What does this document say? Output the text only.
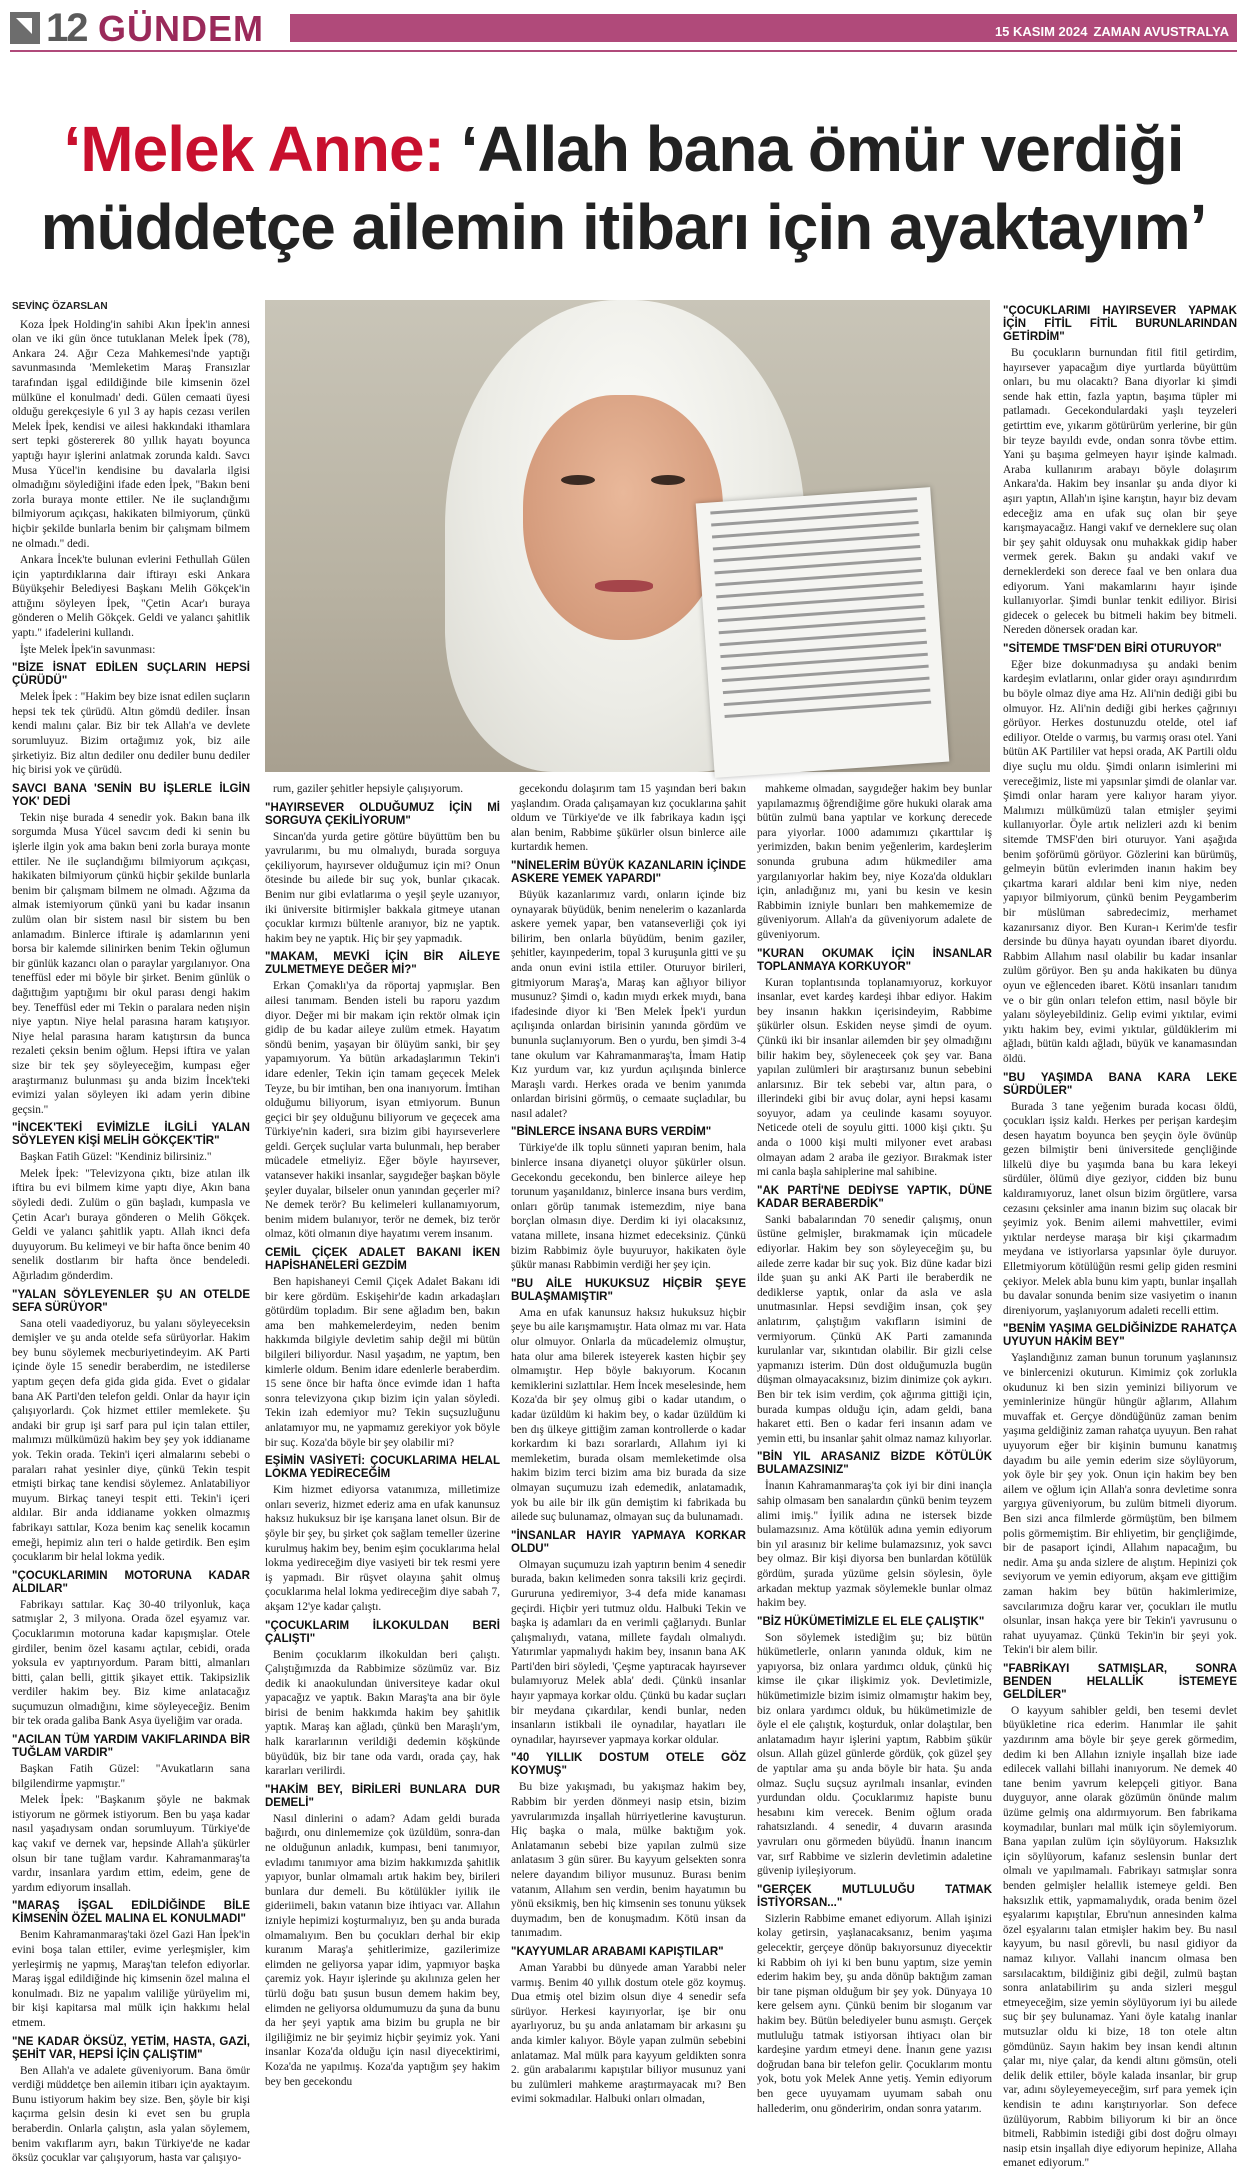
12 GÜNDEM	15 KASIM 2024 ZAMAN AVUSTRALYA
‘Melek Anne: ‘Allah bana ömür verdiği
müddetçe ailemin itibarı için ayaktayım’
SEVİNÇ ÖZARSLAN

Koza İpek Holding'in sahibi Akın İpek'in annesi olan ve iki gün önce tutuklanan Melek İpek (78), Ankara 24. Ağır Ceza Mahkemesi'nde yaptığı savunmasında 'Memleketim Maraş Fransızlar tarafından işgal edildiğinde bile kimsenin özel mülküne el konulmadı' dedi. Gülen cemaati üyesi olduğu gerekçesiyle 6 yıl 3 ay hapis cezası verilen Melek İpek, kendisi ve ailesi hakkındaki ithamlara sert tepki göstererek 80 yıllık hayatı boyunca yaptığı hayır işlerini anlatmak zorunda kaldı. Savcı Musa Yücel'in kendisine bu davalarla ilgisi olmadığını söylediğini ifade eden İpek, "Bakın beni zorla buraya monte ettiler. Ne ile suçlandığımı bilmiyorum açıkçası, hakikaten bilmiyorum, çünkü hiçbir şekilde bunlarla benim bir çalışmam bilmem ne olmadı." dedi.

Ankara İncek'te bulunan evlerini Fethullah Gülen için yaptırdıklarına dair iftirayı eski Ankara Büyükşehir Belediyesi Başkanı Melih Gökçek'in attığını söyleyen İpek, "Çetin Acar'ı buraya gönderen o Melih Gökçek. Geldi ve yalancı şahitlik yaptı." ifadelerini kullandı.

İşte Melek İpek'in savunması:

"BİZE İSNAT EDİLEN SUÇLARIN HEPSİ ÇÜRÜDÜ"

Melek İpek : "Hakim bey bize isnat edilen suçların hepsi tek tek çürüdü. Altın gömdü dediler. İnsan kendi malını çalar. Biz bir tek Allah'a ve devlete sorumluyuz. Bizim ortağımız yok, biz aile şirketiyiz. Biz altın dediler onu dediler bunu dediler hiç birisi yok ve çürüdü.

SAVCI BANA 'SENİN BU İŞLERLE İLGİN YOK' DEDİ

Tekin nişe burada 4 senedir yok. Bakın bana ilk sorgumda Musa Yücel savcım dedi ki senin bu işlerle ilgin yok ama bakın beni zorla buraya monte ettiler. Ne ile suçlandığımı bilmiyorum açıkçası, hakikaten bilmiyorum çünkü hiçbir şekilde bunlarla benim bir çalışmam bilmem ne olmadı. Ağzıma da almak istemiyorum çünkü yani bu kadar insanın zulüm olan bir sistem nasıl bir sistem bu ben anlamadım. Binlerce iftirale iş adamlarının yeni borsa bir kalemde silinirken benim Tekin oğlumun bir günlük kazancı olan o paraylar yargılanıyor. Ona teneffüsl eder mi böyle bir şirket. Benim günlük o dağıttığım yaptığımı bir okul parası dengi hakim bey. Teneffüsl eder mi Tekin o paralara neden nişin niye yaptın. Niye helal parasına haram katışıyor. Niye helal parasına haram katıştırsın da bunca rezaleti çeksin benim oğlum. Hepsi iftira ve yalan size bir tek şey söyleyeceğim, kumpası eğer araştırmanız bulunması şu anda bizim İncek'teki evimizi yalan söyleyen iki adam yerin dibine geçsin."

"İNCEK'TEKİ EVİMİZLE İLGİLİ YALAN SÖYLEYEN KİŞİ MELİH GÖKÇEK'TİR"

Başkan Fatih Güzel: "Kendiniz bilirsiniz."

Melek İpek: "Televizyona çıktı, bize atılan ilk iftira bu evi bilmem kime yaptı diye, Akın bana söyledi dedi. Zulüm o gün başladı, kumpasla ve Çetin Acar'ı buraya gönderen o Melih Gökçek. Geldi ve yalancı şahitlik yaptı. Allah iknci defa duyuyorum. Bu kelimeyi ve bir hafta önce benim 40 senelik dostlarım bir hafta önce bendeledi. Ağırladım gönderdim.

"YALAN SÖYLEYENLER ŞU AN OTELDE SEFA SÜRÜYOR"

Sana oteli vaadediyoruz, bu yalanı söyleyeceksin demişler ve şu anda otelde sefa sürüyorlar. Hakim bey bunu söylemek mecburiyetindeyim. AK Parti içinde öyle 15 senedir beraberdim, ne istedilerse yaptım geçen defa gida gida gida. Evet o gidalar bana AK Parti'den telefon geldi. Onlar da hayır için çalışıyorlardı. Çok hizmet ettiler memlekete. Şu andaki bir grup işi sarf para pul için talan ettiler, malımızı mülkümüzü hakim bey şey yok iddianame yok. Tekin orada. Tekin'i içeri almalarını sebebi o paraları rahat yesinler diye, çünkü Tekin tespit etmişti birkaç tane kendisi söylemez. Anlatabiliyor muyum. Birkaç taneyi tespit etti. Tekin'i içeri aldılar. Bir anda iddianame yokken olmazmış fabrikayı sattılar, Koza benim kaç senelik kocamın emeği, hepimiz alın teri o halde getirdik. Ben eşim çocuklarım bir helal lokma yedik.

"ÇOCUKLARIMIN MOTORUNA KADAR ALDILAR"

Fabrikayı sattılar. Kaç 30-40 trilyonluk, kaça satmışlar 2, 3 milyona. Orada özel eşyamız var. Çocuklarımın motoruna kadar kapışmışlar. Otele girdiler, benim özel kasamı açtılar, cebidi, orada yoksula ev yaptırıyordum. Param bitti, almanları bitti, çalan belli, gittik şikayet ettik. Takipsizlik verdiler hakim bey. Biz kime anlatacağız suçumuzun olmadığını, kime söyleyeceğiz. Benim bir tek orada galiba Bank Asya üyeliğim var orada.

"ACILAN TÜM YARDIM VAKIFLARINDA BİR TUĞLAM VARDIR"

Başkan Fatih Güzel: "Avukatların sana bilgilendirme yapmıştır."

Melek İpek: "Başkanım şöyle ne bakmak istiyorum ne görmek istiyorum. Ben bu yaşa kadar nasıl yaşadıysam ondan sorumluyum. Türkiye'de kaç vakıf ve dernek var, hepsinde Allah'a şükürler olsun bir tane tuğlam vardır. Kahramanmaraş'ta vardır, insanlara yardım ettim, edeim, gene de yardım ediyorum insallah.

"MARAŞ İŞGAL EDİLDİĞİNDE BİLE KİMSENİN ÖZEL MALINA EL KONULMADI"

Benim Kahramanmaraş'taki özel Gazi Han İpek'in evini boşa talan ettiler, evime yerleşmişler, kim yerleşirmiş ne yapmış, Maraş'tan telefon ediyorlar. Maraş işgal edildiğinde hiç kimsenin özel malına el konulmadı. Biz ne yapalım valiliğe yürüyelim mi, bir kişi kapitarsa mal mülk için hakkımı helal etmem.

"NE KADAR ÖKSÜZ, YETİM, HASTA, GAZİ, ŞEHİT VAR, HEPSİ İÇİN ÇALIŞTIM"

Ben Allah'a ve adalete güveniyorum. Bana ömür verdiği müddetçe ben ailemin itibarı için ayaktayım. Bunu istiyorum hakim bey size. Ben, şöyle bir kişi kaçırma gelsin desin ki evet sen bu grupla beraberdin. Onlarla çalıştın, asla yalan söylemem, benim vakıflarım ayrı, bakın Türkiye'de ne kadar öksüz çocuklar var çalışıyorum, hasta var çalışıyo-

rum, gaziler şehitler hepsiyle çalışıyorum.

"HAYIRSEVER OLDUĞUMUZ İÇİN Mİ SORGUYA ÇEKİLİYORUM"

Sincan'da yurda getire götüre büyüttüm ben bu yavrularımı, bu mu olmalıydı, burada sorguya çekiliyorum, hayırsever olduğumuz için mi? Onun ötesinde bu ailede bir suç yok, bunlar çıkacak. Benim nur gibi evlatlarıma o yeşil şeyle uzanıyor, iki üniversite bitirmişler bakkala gitmeye utanan çocuklar kırmızı bültenle aranıyor, biz ne yaptık. hakim bey ne yaptık. Hiç bir şey yapmadık.

"MAKAM, MEVKİ İÇİN BİR AİLEYE ZULMETMEYE DEĞER Mİ?"

Erkan Çomaklı'ya da röportaj yapmışlar. Ben ailesi tanımam. Benden isteli bu raporu yazdım diyor. Değer mi bir makam için rektör olmak için gidip de bu kadar aileye zulüm etmek. Hayatım söndü benim, yaşayan bir ölüyüm sanki, bir şey yapamıyorum. Ya bütün arkadaşlarımın Tekin'i idare edenler, Tekin için tamam geçecek Melek Teyze, bu bir imtihan, ben ona inanıyorum. İmtihan olduğumu biliyorum, isyan etmiyorum. Bunun geçici bir şey olduğunu biliyorum ve geçecek ama Türkiye'nin kaderi, sıra bizim gibi hayırseverlere geldi. Gerçek suçlular varta bulunmalı, hep beraber mücadele etmeliyiz. Eğer böyle hayırsever, vatansever hakiki insanlar, saygıdeğer başkan böyle şeyler duyalar, bilseler onun yanından geçerler mi? Ne demek terör? Bu kelimeleri kullanamıyorum, benim midem bulanıyor, terör ne demek, biz terör olmaz, köti olmanın diye hayatımı verem insanım.

CEMİL ÇİÇEK ADALET BAKANI İKEN HAPİSHANELERİ GEZDİM

Ben hapishaneyi Cemil Çiçek Adalet Bakanı idi bir kere gördüm. Eskişehir'de kadın arkadaşları götürdüm topladım. Bir sene ağladım ben, bakın ama ben mahkemelerdeyim, neden benim hakkımda bilgiyle devletim sahip değil mi bütün bilgileri biliyordur. Nasıl yaşadım, ne yaptım, ben kimlerle oldum. Benim idare edenlerle beraberdim. 15 sene önce bir hafta önce evimde idan 1 hafta sonra televizyona çıkıp bizim için yalan söyledi. Tekin izah edemiyor mu? Tekin suçsuzluğunu anlatamıyor mu, ne yapmamız gerekiyor yok böyle bir suç. Koza'da böyle bir şey olabilir mi?

EŞİMİN VASİYETİ: ÇOCUKLARIMA HELAL LOKMA YEDİRECEĞİM

Kim hizmet ediyorsa vatanımıza, milletimize onları severiz, hizmet ederiz ama en ufak kanunsuz haksız hukuksuz bir işe karışana lanet olsun. Bir de şöyle bir şey, bu şirket çok sağlam temeller üzerine kurulmuş hakim bey, benim eşim çocuklarıma helal lokma yedireceğim diye vasiyeti bir tek resmi yere iş yapmadı. Bir rüşvet olayına şahit olmuş çocuklarıma helal lokma yedireceğim diye sabah 7, akşam 12'ye kadar çalıştı.

"ÇOCUKLARIM İLKOKULDAN BERİ ÇALIŞTI"

Benim çocuklarım ilkokuldan beri çalıştı. Çalıştığımızda da Rabbimize sözümüz var. Biz dedik ki anaokulundan üniversiteye kadar okul yapacağız ve yaptık. Bakın Maraş'ta ana bir öyle birisi de benim hakkımda hakim bey şahitlik yaptık. Maraş kan ağladı, çünkü ben Maraşlı'ym, halk kararlarının verildiği dedemin köşkünde büyüdük, biz bir tane oda vardı, orada çay, hak kararları verilirdi.

"HAKİM BEY, BİRİLERİ BUNLARA DUR DEMELİ"

Nasıl dinlerini o adam? Adam geldi burada bağırdı, onu dinlememize çok üzüldüm, sonra-dan ne olduğunun anladık, kumpası, beni tanımıyor, evladımı tanımıyor ama bizim hakkımızda şahitlik yapıyor, bunlar olmamalı artık hakim bey, birileri bunlara dur demeli. Bu kötülükler iyilik ile gideriimeli, bakın vatanın bize ihtiyacı var. Allahın izniyle hepimizi koşturmalıyız, ben şu anda burada olmamalıyım. Ben bu çocukları derhal bir ekip kuranım Maraş'a şehitlerimize, gazilerimize elimden ne geliyorsa yapar idim, yapmıyor başka çaremiz yok. Hayır işlerinde şu akılınıza gelen her türlü doğu batı şusun busun demem hakim bey, elimden ne geliyorsa oldumumuzu da şuna da bunu da her şeyi yaptık ama bizim bu grupla ne bir ilgiliğimiz ne bir şeyimiz hiçbir şeyimiz yok. Yani insanlar Koza'da olduğu için nasıl diyecektirimi, Koza'da ne yapılmış. Koza'da yaptığım şey hakim bey ben gecekondu

gecekondu dolaşırım tam 15 yaşından beri bakın yaşlandım. Orada çalışamayan kız çocuklarına şahit oldum ve Türkiye'de ve ilk fabrikaya kadın işçi alan benim, Rabbime şükürler olsun binlerce aile kurtardık hemen.

"NİNELERİM BÜYÜK KAZANLARIN İÇİNDE ASKERE YEMEK YAPARDI"

Büyük kazanlarımız vardı, onların içinde biz oynayarak büyüdük, benim nenelerim o kazanlarda askere yemek yapar, ben vatanseverliği çok iyi bilirim, ben onlarla büyüdüm, benim gaziler, şehitler, kayınpederim, topal 3 kuruşunla gitti ve şu anda onun evini istila ettiler. Oturuyor birileri, gitmiyorum Maraş'a, Maraş kan ağlıyor biliyor musunuz? Şimdi o, kadın mıydı erkek mıydı, bana ifadesinde diyor ki 'Ben Melek İpek'i yurdun açılışında onlardan birisinin yanında gördüm ve bununla suçlanıyorum. Ben o yurdu, ben şimdi 3-4 tane okulum var Kahramanmaraş'ta, İmam Hatip Kız yurdum var, kız yurdun açılışında binlerce Maraşlı vardı. Herkes orada ve benim yanımda onlardan birisini görmüş, o cemaate suçladılar, bu nasıl adalet?

"BİNLERCE İNSANA BURS VERDİM"

Türkiye'de ilk toplu sünneti yapıran benim, hala binlerce insana diyanetçi oluyor şükürler olsun. Gecekondu gecekondu, ben binlerce aileye hep torunum yaşanıldanız, binlerce insana burs verdim, onları görüp tanımak istemezdim, niye bana borçlan olmasın diye. Derdim ki iyi olacaksınız, vatana millete, insana hizmet edeceksiniz. Çünkü bizim Rabbimiz öyle buyuruyor, hakikaten öyle şükür manası Rabbimin verdiği her şey için.

"BU AİLE HUKUKSUZ HİÇBİR ŞEYE BULAŞMAMIŞTIR"

Ama en ufak kanunsuz haksız hukuksuz hiçbir şeye bu aile karışmamıştır. Hata olmaz mı var. Hata olur olmuyor. Onlarla da mücadelemiz olmuştur, hata olur ama bilerek isteyerek kasten hiçbir şey olmamıştır. Hep böyle bakıyorum. Kocanın kemiklerini sızlattılar. Hem İncek meselesinde, hem Koza'da bir şey olmuş gibi o kadar utandım, o kadar üzüldüm ki hakim bey, o kadar üzüldüm ki ben dış ülkeye gittiğim zaman kontrollerde o kadar korkardım ki bazı sorarlardı, Allahım iyi ki memleketim, burada olsam memleketimde olsa hakim bizim terci bizim ama biz burada da size olmayan suçumuzu izah edemedik, anlatamadık, yok bu aile bir ilk gün demiştim ki fabrikada bu ailede suç bulunamaz, olmayan suç da bulunamadı.

"İNSANLAR HAYIR YAPMAYA KORKAR OLDU"

Olmayan suçumuzu izah yaptırın benim 4 senedir burada, bakın kelimeden sonra taksili kriz geçirdi. Gururuna yediremiyor, 3-4 defa mide kanaması geçirdi. Hiçbir yeri tutmuz oldu. Halbuki Tekin ve başka iş adamları da en verimli çağlarıydı. Bunlar çalışmalıydı, vatana, millete faydalı olmalıydı. Yatırımlar yapmalıydı hakim bey, insanın bana AK Parti'den biri söyledi, 'Çeşme yaptıracak hayırsever bulamıyoruz Melek abla' dedi. Çünkü insanlar hayır yapmaya korkar oldu. Çünkü bu kadar suçları bir meydana çıkardılar, kendi bunlar, neden insanların istikbali ile oynadılar, hayatları ile oynadılar, hayırsever yapmaya korkar oldular.

"40 YILLIK DOSTUM OTELE GÖZ KOYMUŞ"

Bu bize yakışmadı, bu yakışmaz hakim bey, Rabbim bir yerden dönmeyi nasip etsin, bizim yavrularımızda inşallah hürriyetlerine kavuşturun. Hiç başka o mala, mülke baktığım yok. Anlatamanın sebebi bize yapılan zulmü size anlatasım 3 gün sürer. Bu kayyum gelsekten sonra nelere dayandım biliyor musunuz. Burası benim vatanım, Allahım sen verdin, benim hayatımın bu yönü eksikmiş, ben hiç kimsenin ses tonunu yüksek duymadım, ben de konuşmadım. Kötü insan da tanımadım.

"KAYYUMLAR ARABAMI KAPIŞTILAR"

Aman Yarabbi bu dünyede aman Yarabbi neler varmış. Benim 40 yıllık dostum otele göz koymuş. Dua etmiş otel bizim olsun diye 4 senedir sefa sürüyor. Herkesi kayırıyorlar, işe bir onu ayarlıyoruz, bu şu anda anlatamam bir arkasını şu anda kimler kalıyor. Böyle yapan zulmün sebebini anlatamaz. Mal mülk para kayyum geldikten sonra 2. gün arabalarımı kapıştılar biliyor musunuz yani bu zulümleri mahkeme araştırmayacak mı? Ben evimi sokmadılar. Halbuki onları olmadan,

mahkeme olmadan, saygıdeğer hakim bey bunlar yapılamazmış öğrendiğime göre hukuki olarak ama bütün zulmü bana yaptılar ve korkunç derecede para yiyorlar. 1000 adamımızı çıkarttılar iş yerimizden, bakın benim yeğenlerim, kardeşlerim sonunda grubuna adım hükmediler ama yargılanıyorlar hakim bey, niye Koza'da oldukları için, anladığınız mı, yani bu kesin ve kesin Rabbimin izniyle bunları ben mahkememize de güveniyorum. Allah'a da güveniyorum adalete de güveniyorum.

"KURAN OKUMAK İÇİN İNSANLAR TOPLANMAYA KORKUYOR"

Kuran toplantısında toplanamıyoruz, korkuyor insanlar, evet kardeş kardeşi ihbar ediyor. Hakim bey insanın hakkın içerisindeyim, Rabbime şükürler olsun. Eskiden neyse şimdi de oyum. Çünkü iki bir insanlar ailemden bir şey olmadığını bilir hakim bey, söyleneceek çok şey var. Bana yapılan zulümleri bir araştırsanız bunun sebebini anlarsınız. Bir tek sebebi var, altın para, o illerindeki gibi bir avuç dolar, ayni hepsi kasamı soyuyor, adam ya ceulinde kasamı soyuyor. Neticede oteli de soyulu gitti. 1000 kişi çıktı. Şu anda o 1000 kişi multi milyoner evet arabası olmayan adam 2 araba ile geziyor. Bırakmak ister mi canla başla sahiplerine mal sahibine.

"AK PARTİ'NE DEDİYSE YAPTIK, DÜNE KADAR BERABERDİK"

Sanki babalarından 70 senedir çalışmış, onun üstüne gelmişler, bırakmamak için mücadele ediyorlar. Hakim bey son söyleyeceğim şu, bu ailede zerre kadar bir suç yok. Biz düne kadar bizi ilde şuan şu anki AK Parti ile beraberdik ne dediklerse yaptık, onlar da asla ve asla unutmasınlar. Hepsi sevdiğim insan, çok şey anlatırım, çalıştığım vakıfların isimini de vermiyorum. Çünkü AK Parti zamanında kurulanlar var, sıkıntıdan olabilir. Bir gizli celse yapmanızı isterim. Dün dost olduğumuzla bugün düşman olmayacaksınız, bizim dinimize çok aykırı. Ben bir tek isim verdim, çok ağırıma gittiği için, burada kumpas olduğu için, adam geldi, bana hakaret etti. Ben o kadar feri insanın adam ve yemin etti, bu insanlar şahit olmaz namaz kılıyorlar.

"BİN YIL ARASANIZ BİZDE KÖTÜLÜK BULAMAZSINIZ"

İnanın Kahramanmaraş'ta çok iyi bir dini inançla sahip olmasam ben sanalardın çünkü benim teyzem alimi imiş." İyilik adına ne istersek bizde bulamazsınız. Ama kötülük adına yemin ediyorum bin yıl arasınız bir kelime bulamazsınız, yok savcı bey olmaz. Bir kişi diyorsa ben bunlardan kötülük gördüm, şurada yüzüme gelsin söylesin, öyle arkadan mektup yazmak söylemekle bunlar olmaz hakim bey.

"BİZ HÜKÜMETİMİZLE EL ELE ÇALIŞTIK"

Son söylemek istediğim şu; biz bütün hükümetlerle, onların yanında olduk, kim ne yapıyorsa, biz onlara yardımcı olduk, çünkü hiç kimse ile çıkar ilişkimiz yok. Devletimizle, hükümetimizle bizim isimiz olmamıştır hakim bey, biz onlara yardımcı olduk, bu hükümetimizle de öyle el ele çalıştık, koşturduk, onlar dolaştılar, ben anlatamadım hayır işlerini yaptım, Rabbim şükür olsun. Allah güzel günlerde gördük, çok güzel şey de yaptılar ama şu anda böyle bir hata. Şu anda olmaz. Suçlu suçsuz ayrılmalı insanlar, evinden yurdundan oldu. Çocuklarımız hapiste bunu hesabını kim verecek. Benim oğlum orada rahatsızlandı. 4 senedir, 4 duvarın arasında yavruları onu görmeden büyüdü. İnanın inancım var, sırf Rabbime ve sizlerin devletimin adaletine güvenip iyileşiyorum.

"GERÇEK MUTLULUĞU TATMAK İSTİYORSAN..."

Sizlerin Rabbime emanet ediyorum. Allah işinizi kolay getirsin, yaşlanacaksanız, benim yaşıma gelecektir, gerçeye dönüp bakıyorsunuz diyecektir ki Rabbim oh iyi ki ben bunu yaptım, size yemin ederim hakim bey, şu anda dönüp baktığım zaman bir tane pişman olduğum bir şey yok. Dünyaya 10 kere gelsem aynı. Çünkü benim bir sloganım var hakim bey. Bütün belediyeler bunu asmıştı. Gerçek mutluluğu tatmak istiyorsan ihtiyacı olan bir kardeşine yardım etmeyi dene. İnanın gene yazısı doğrudan bana bir telefon gelir. Çocuklarım montu yok, botu yok Melek Anne yetiş. Yemin ediyorum ben gece uyuyamam uyumam sabah onu hallederim, onu gönderirim, ondan sonra yatarım.

"ÇOCUKLARIMI HAYIRSEVER YAPMAK İÇİN FİTİL FİTİL BURUNLARINDAN GETİRDİM"

Bu çocukların burnundan fitil fitil getirdim, hayırsever yapacağım diye yurtlarda büyüttüm onları, bu mu olacaktı? Bana diyorlar ki şimdi sende hak ettin, fazla yaptın, başıma tüpler mi patlamadı. Gecekondulardaki yaşlı teyzeleri getirttim eve, yıkarım götürürüm yerlerine, bir gün bir teyze bayıldı evde, ondan sonra tövbe ettim. Yani şu başıma gelmeyen hayır işinde kalmadı. Araba kullanırım arabayı böyle dolaşırım Ankara'da. Hakim bey insanlar şu anda diyor ki aşırı yaptın, Allah'ın işine karıştın, hayır biz devam edeceğiz ama en ufak suç olan bir şeye karışmayacağız. Hangi vakıf ve derneklere suç olan bir şey şahit olduysak onu muhakkak gidip haber vermek gerek. Bakın şu andaki vakıf ve derneklerdeki son derece faal ve ben onlara dua ediyorum. Yani makamlarını hayır işinde kullanıyorlar. Şimdi bunlar tenkit ediliyor. Birisi gidecek o gelecek bu bitmeli hakim bey bitmeli. Nereden dönersek oradan kar.

"SİTEMDE TMSF'DEN BİRİ OTURUYOR"

Eğer bize dokunmadıysa şu andaki benim kardeşim evlatlarını, onlar gider orayı aşındırırdım bu böyle olmaz diye ama Hz. Ali'nin dediği gibi bu olmuyor. Hz. Ali'nin dediği gibi herkes çağrınıyı görüyor. Herkes dostunuzdu otelde, otel iaf ediliyor. Otelde o varmış, bu varmış orası otel. Yani bütün AK Partililer vat hepsi orada, AK Partili oldu diye suçlu mu oldu. Şimdi onların isimlerini mi vereceğimiz, liste mi yapsınlar şimdi de olanlar var. Şimdi onlar haram yere kalıyor haram yiyor. Malımızı mülkümüzü talan etmişler şeyimi kullanıyorlar. Öyle artık nelizleri azdı ki benim sitemde TMSF'den biri oturuyor. Yani aşağıda benim şoförümü görüyor. Gözlerini kan bürümüş, gelmeyin bütün evlerimden inanın hakim bey çıkartma karari aldılar beni kim niye, neden yapıyor bilmiyorum, çünkü benim Peygamberim bir müslüman sabredecimiz, merhamet kazanırsanız diyor. Ben Kuran-ı Kerim'de tesfir dersinde bu dünya hayatı oyundan ibaret diyordu. Rabbim Allahım nasıl olabilir bu kadar insanlar zulüm görüyor. Ben şu anda hakikaten bu dünya oyun ve eğlenceden ibaret. Kötü insanları tanıdım ve o bir gün onları telefon ettim, nasıl böyle bir yalanı söyleyebildiniz. Gelip evimi yıktılar, evimi yıktı hakim bey, evimi yıktılar, güldüklerim mi ağladı, bütün kaldı ağladı, büyük ve kanamasından öldü.

"BU YAŞIMDA BANA KARA LEKE SÜRDÜLER"

Burada 3 tane yeğenim burada kocası öldü, çocukları işsiz kaldı. Herkes per perişan kardeşim desen hayatım boyunca ben şeyçin öyle övünüp gezen bilmiştir beni üniversitede gençliğinde lilkelü diye bu yaşımda bana bu kara lekeyi sürdüler, ölümü diye geziyor, cidden biz bunu kaldıramıyoruz, lanet olsun bizim örgütlere, varsa cezasını çeksinler ama inanın bizim suç olacak bir şeyimiz yok. Benim ailemi mahvettiler, evimi yıktılar nerdeyse maraşa bir kişi çıkarmadım meydana ve istiyorlarsa yapsınlar öyle duruyor. Elletmiyorum kötülüğün resmi gelip giden resmini çekiyor. Melek abla bunu kim yaptı, bunlar inşallah bu davalar sonunda benim size vasiyetim o inanın direniyorum, yaşlanıyorum adaleti recelli ettim.

"BENİM YAŞIMA GELDİĞİNİZDE RAHATÇA UYUYUN HAKİM BEY"

Yaşlandığınız zaman bunun torunum yaşlanınsız ve binlercenizi okuturun. Kimimiz çok zorlukla okudunuz ki ben sizin yeminizi biliyorum ve yeminlerinize hüngür hüngür ağlarım, Allahım muvaffak et. Gerçye döndüğünüz zaman benim yaşıma geldiğiniz zaman rahatça uyuyun. Ben rahat uyuyorum eğer bir kişinin bumunu kanatmış dayadım bu aile yemin ederim size söylüyorum, yok öyle bir şey yok. Onun için hakim bey ben ailem ve oğlum için Allah'a sonra devletime sonra yargıya güveniyorum, bu zulüm bitmeli diyorum. Ben sizi anca filmlerde görmüştüm, ben bilmem polis görmemiştim. Bir ehliyetim, bir gençliğimde, bir de pasaport içindi, Allahım napacağım, bu nedir. Ama şu anda sizlere de alıştım. Hepinizi çok seviyorum ve yemin ediyorum, akşam eve gittiğim zaman hakim bey bütün hakimlerimize, savcılarımıza doğru karar ver, çocukları ile mutlu olsunlar, insan hakça yere bir Tekin'i yavrusunu o rahat uyuyamaz. Çünkü Tekin'in bir şeyi yok. Tekin'i bir alem bilir.

"FABRİKAYI SATMIŞLAR, SONRA BENDEN HELALLİK İSTEMEYE GELDİLER"

O kayyum sahibler geldi, ben tesemi devlet büyükletine rica ederim. Hanımlar ile şahit yazdırınm ama böyle bir şeye gerek görmedim, dedim ki ben Allahın izniyle inşallah bize iade edilecek vallahi billahi inanıyorum. Ne demek 40 tane benim yavrum kelepçeli gitiyor. Bana duyguyor, anne olarak gözümün önünde malım üzüme gelmiş ona aldırmıyorum. Ben fabrikama koymadılar, bunları mal mülk için söylemiyorum. Bana yapılan zulüm için söylüyorum. Haksızlık için söylüyorum, kafanız seslensin bunlar dert olmalı ve yapılmamalı. Fabrikayı satmışlar sonra benden gelmişler helallik istemeye geldi. Ben haksızlık ettik, yapmamalıydık, orada benim özel eşyalarımı kapıştılar, Ebru'nun annesinden kalma özel eşyalarını talan etmişler hakim bey. Bu nasıl kayyum, bu nasıl görevli, bu nasıl gidiyor da namaz kılıyor. Vallahi inancım olmasa ben sarsılacaktım, bildiğiniz gibi değil, zulmü baştan sonra anlatabilirim şu anda sizleri meşgul etmeyeceğim, size yemin söylüyorum iyi bu ailede suç bir şey bulunamaz. Yani öyle katalıg inanlar mutsuzlar oldu ki bize, 18 ton otele altın gömdünüz. Sayın hakim bey insan kendi altının çalar mı, niye çalar, da kendi altını gömsün, oteli delik delik ettiler, böyle kalada insanlar, bir grup var, adını söyleyemeyeceğim, sırf para yemek için kendisin te adını karıştırıyorlar. Son defece üzülüyorum, Rabbim biliyorum ki bir an önce bitmeli, Rabbimin istediği gibi dost doğru olmayı nasip etsin inşallah diye ediyorum hepinize, Allaha emanet ediyorum."
